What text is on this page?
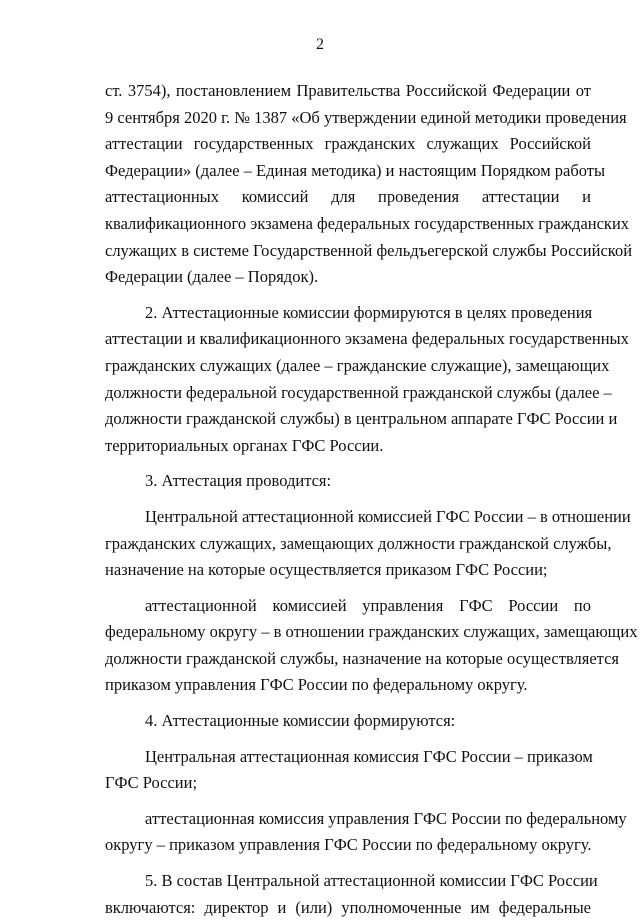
2
ст. 3754), постановлением Правительства Российской Федерации от
9 сентября 2020 г. № 1387 «Об утверждении единой методики проведения
аттестации государственных гражданских служащих Российской
Федерации» (далее – Единая методика) и настоящим Порядком работы
аттестационных комиссий для проведения аттестации и
квалификационного экзамена федеральных государственных гражданских
служащих в системе Государственной фельдъегерской службы Российской
Федерации (далее – Порядок).
2. Аттестационные комиссии формируются в целях проведения
аттестации и квалификационного экзамена федеральных государственных
гражданских служащих (далее – гражданские служащие), замещающих
должности федеральной государственной гражданской службы (далее –
должности гражданской службы) в центральном аппарате ГФС России и
территориальных органах ГФС России.
3. Аттестация проводится:
Центральной аттестационной комиссией ГФС России – в отношении
гражданских служащих, замещающих должности гражданской службы,
назначение на которые осуществляется приказом ГФС России;
аттестационной комиссией управления ГФС России по
федеральному округу – в отношении гражданских служащих, замещающих
должности гражданской службы, назначение на которые осуществляется
приказом управления ГФС России по федеральному округу.
4. Аттестационные комиссии формируются:
Центральная аттестационная комиссия ГФС России – приказом
ГФС России;
аттестационная комиссия управления ГФС России по федеральному
округу – приказом управления ГФС России по федеральному округу.
5. В состав Центральной аттестационной комиссии ГФС России
включаются: директор и (или) уполномоченные им федеральные
